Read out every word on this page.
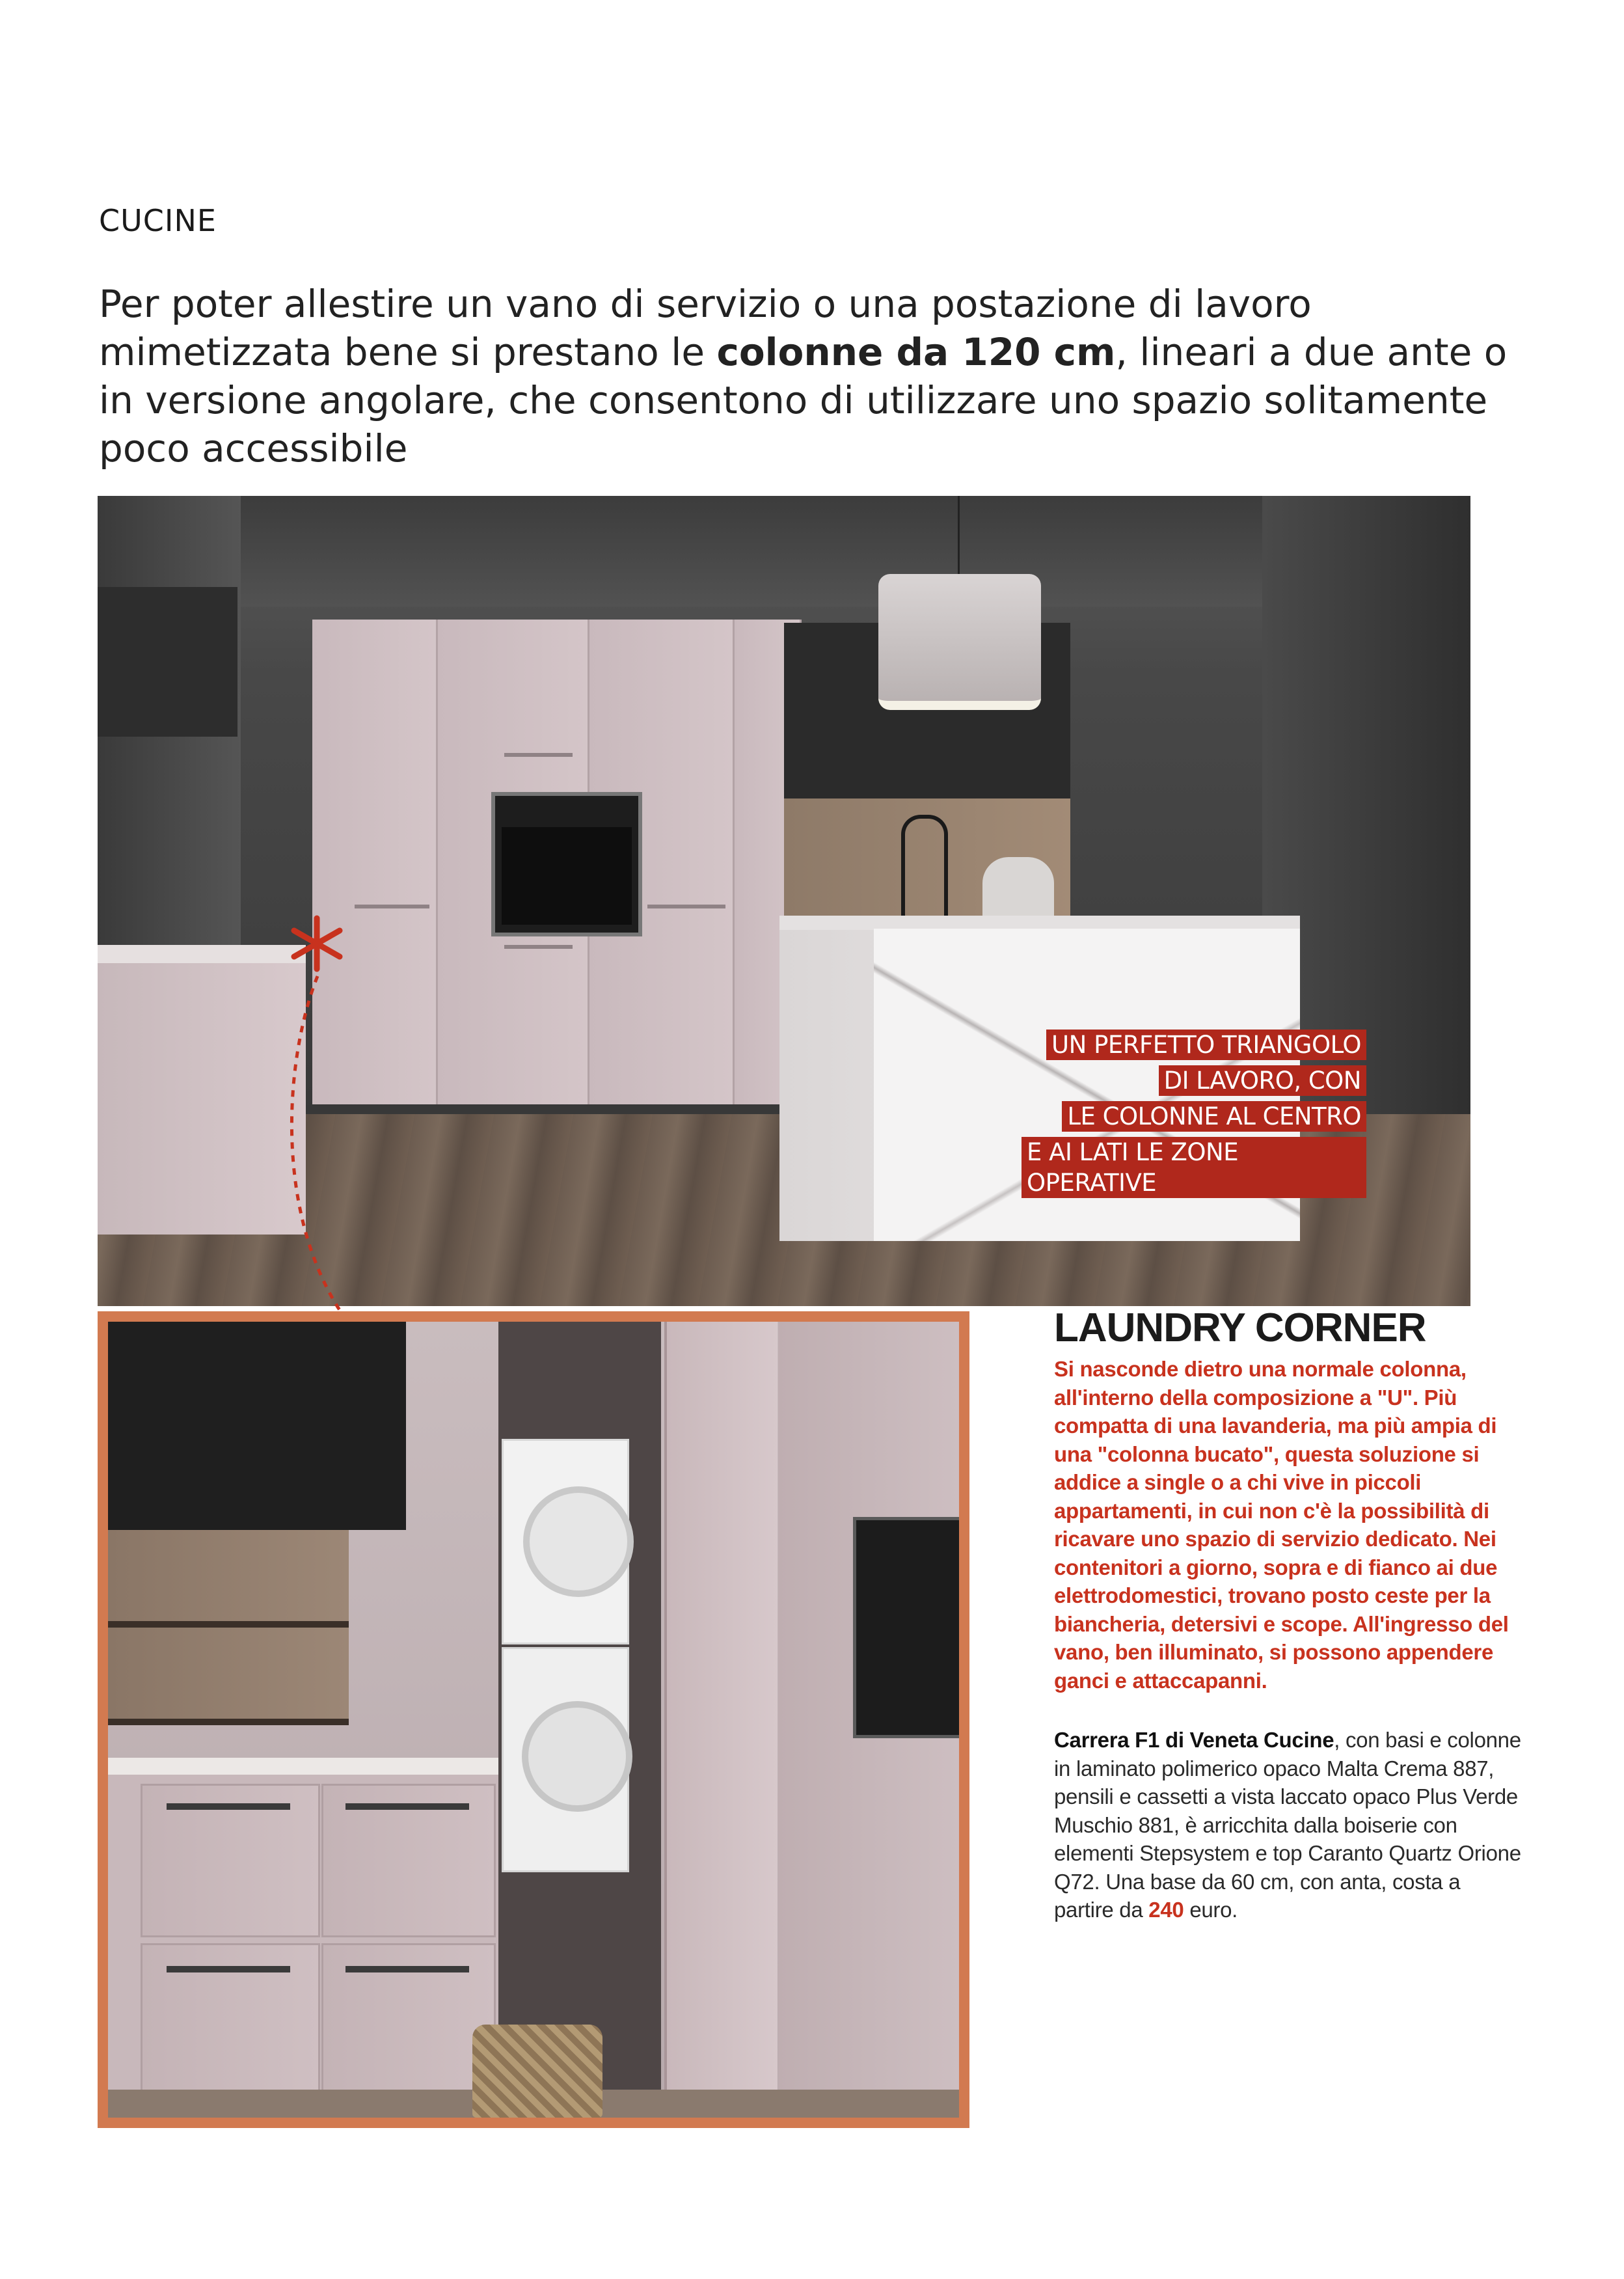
CUCINE

Per poter allestire un vano di servizio o una postazione di lavoro mimetizzata bene si prestano le colonne da 120 cm, lineari a due ante o in versione angolare, che consentono di utilizzare uno spazio solitamente poco accessibile

UN PERFETTO TRIANGOLO
DI LAVORO, CON
LE COLONNE AL CENTRO
E AI LATI LE ZONE OPERATIVE
LAUNDRY CORNER

Si nasconde dietro una normale colonna, all'interno della composizione a "U". Più compatta di una lavanderia, ma più ampia di una "colonna bucato", questa soluzione si addice a single o a chi vive in piccoli appartamenti, in cui non c'è la possibilità di ricavare uno spazio di servizio dedicato. Nei contenitori a giorno, sopra e di fianco ai due elettrodomestici, trovano posto ceste per la biancheria, detersivi e scope. All'ingresso del vano, ben illuminato, si possono appendere ganci e attaccapanni.

Carrera F1 di Veneta Cucine, con basi e colonne in laminato polimerico opaco Malta Crema 887, pensili e cassetti a vista laccato opaco Plus Verde Muschio 881, è arricchita dalla boiserie con elementi Stepsystem e top Caranto Quartz Orione Q72. Una base da 60 cm, con anta, costa a partire da 240 euro.
